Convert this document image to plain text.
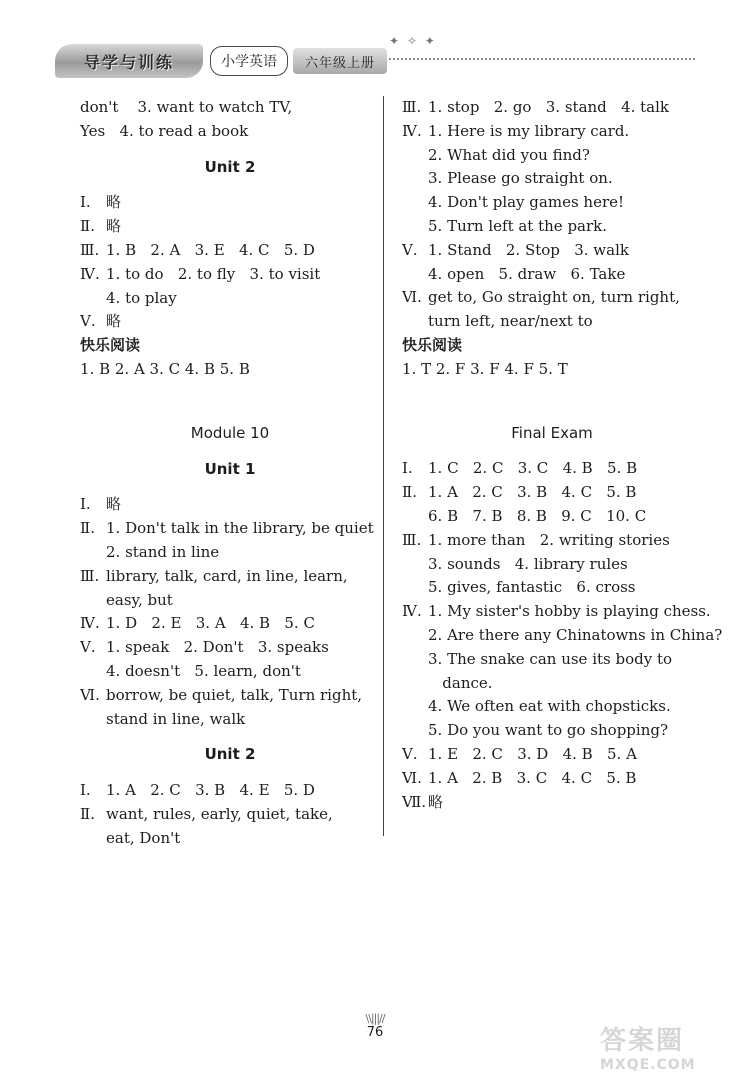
导学与训练	小学英语	六年级上册
✦ ✧ ✦
don't    3. want to watch TV,
Yes   4. to read a book
Unit 2
Ⅰ. 略
Ⅱ. 略
Ⅲ. 1. B   2. A   3. E   4. C   5. D
Ⅳ. 1. to do   2. to fly   3. to visit
4. to play
Ⅴ. 略
快乐阅读
1. B 2. A 3. C 4. B 5. B
Module 10
Unit 1
Ⅰ. 略
Ⅱ. 1. Don't talk in the library, be quiet
2. stand in line
Ⅲ. library, talk, card, in line, learn,
easy, but
Ⅳ. 1. D   2. E   3. A   4. B   5. C
Ⅴ. 1. speak   2. Don't   3. speaks
4. doesn't   5. learn, don't
Ⅵ. borrow, be quiet, talk, Turn right,
stand in line, walk
Unit 2
Ⅰ. 1. A   2. C   3. B   4. E   5. D
Ⅱ. want, rules, early, quiet, take,
eat, Don't
Ⅲ. 1. stop   2. go   3. stand   4. talk
Ⅳ. 1. Here is my library card.
2. What did you find?
3. Please go straight on.
4. Don't play games here!
5. Turn left at the park.
Ⅴ. 1. Stand   2. Stop   3. walk
4. open   5. draw   6. Take
Ⅵ. get to, Go straight on, turn right,
turn left, near/next to
快乐阅读
1. T 2. F 3. F 4. F 5. T
Final Exam
Ⅰ. 1. C   2. C   3. C   4. B   5. B
Ⅱ. 1. A   2. C   3. B   4. C   5. B
6. B   7. B   8. B   9. C   10. C
Ⅲ. 1. more than   2. writing stories
3. sounds   4. library rules
5. gives, fantastic   6. cross
Ⅳ. 1. My sister's hobby is playing chess.
2. Are there any Chinatowns in China?
3. The snake can use its body to
dance.
4. We often eat with chopsticks.
5. Do you want to go shopping?
Ⅴ. 1. E   2. C   3. D   4. B   5. A
Ⅵ. 1. A   2. B   3. C   4. C   5. B
Ⅶ. 略
\\|||//
76	答案圈
MXQE.COM
